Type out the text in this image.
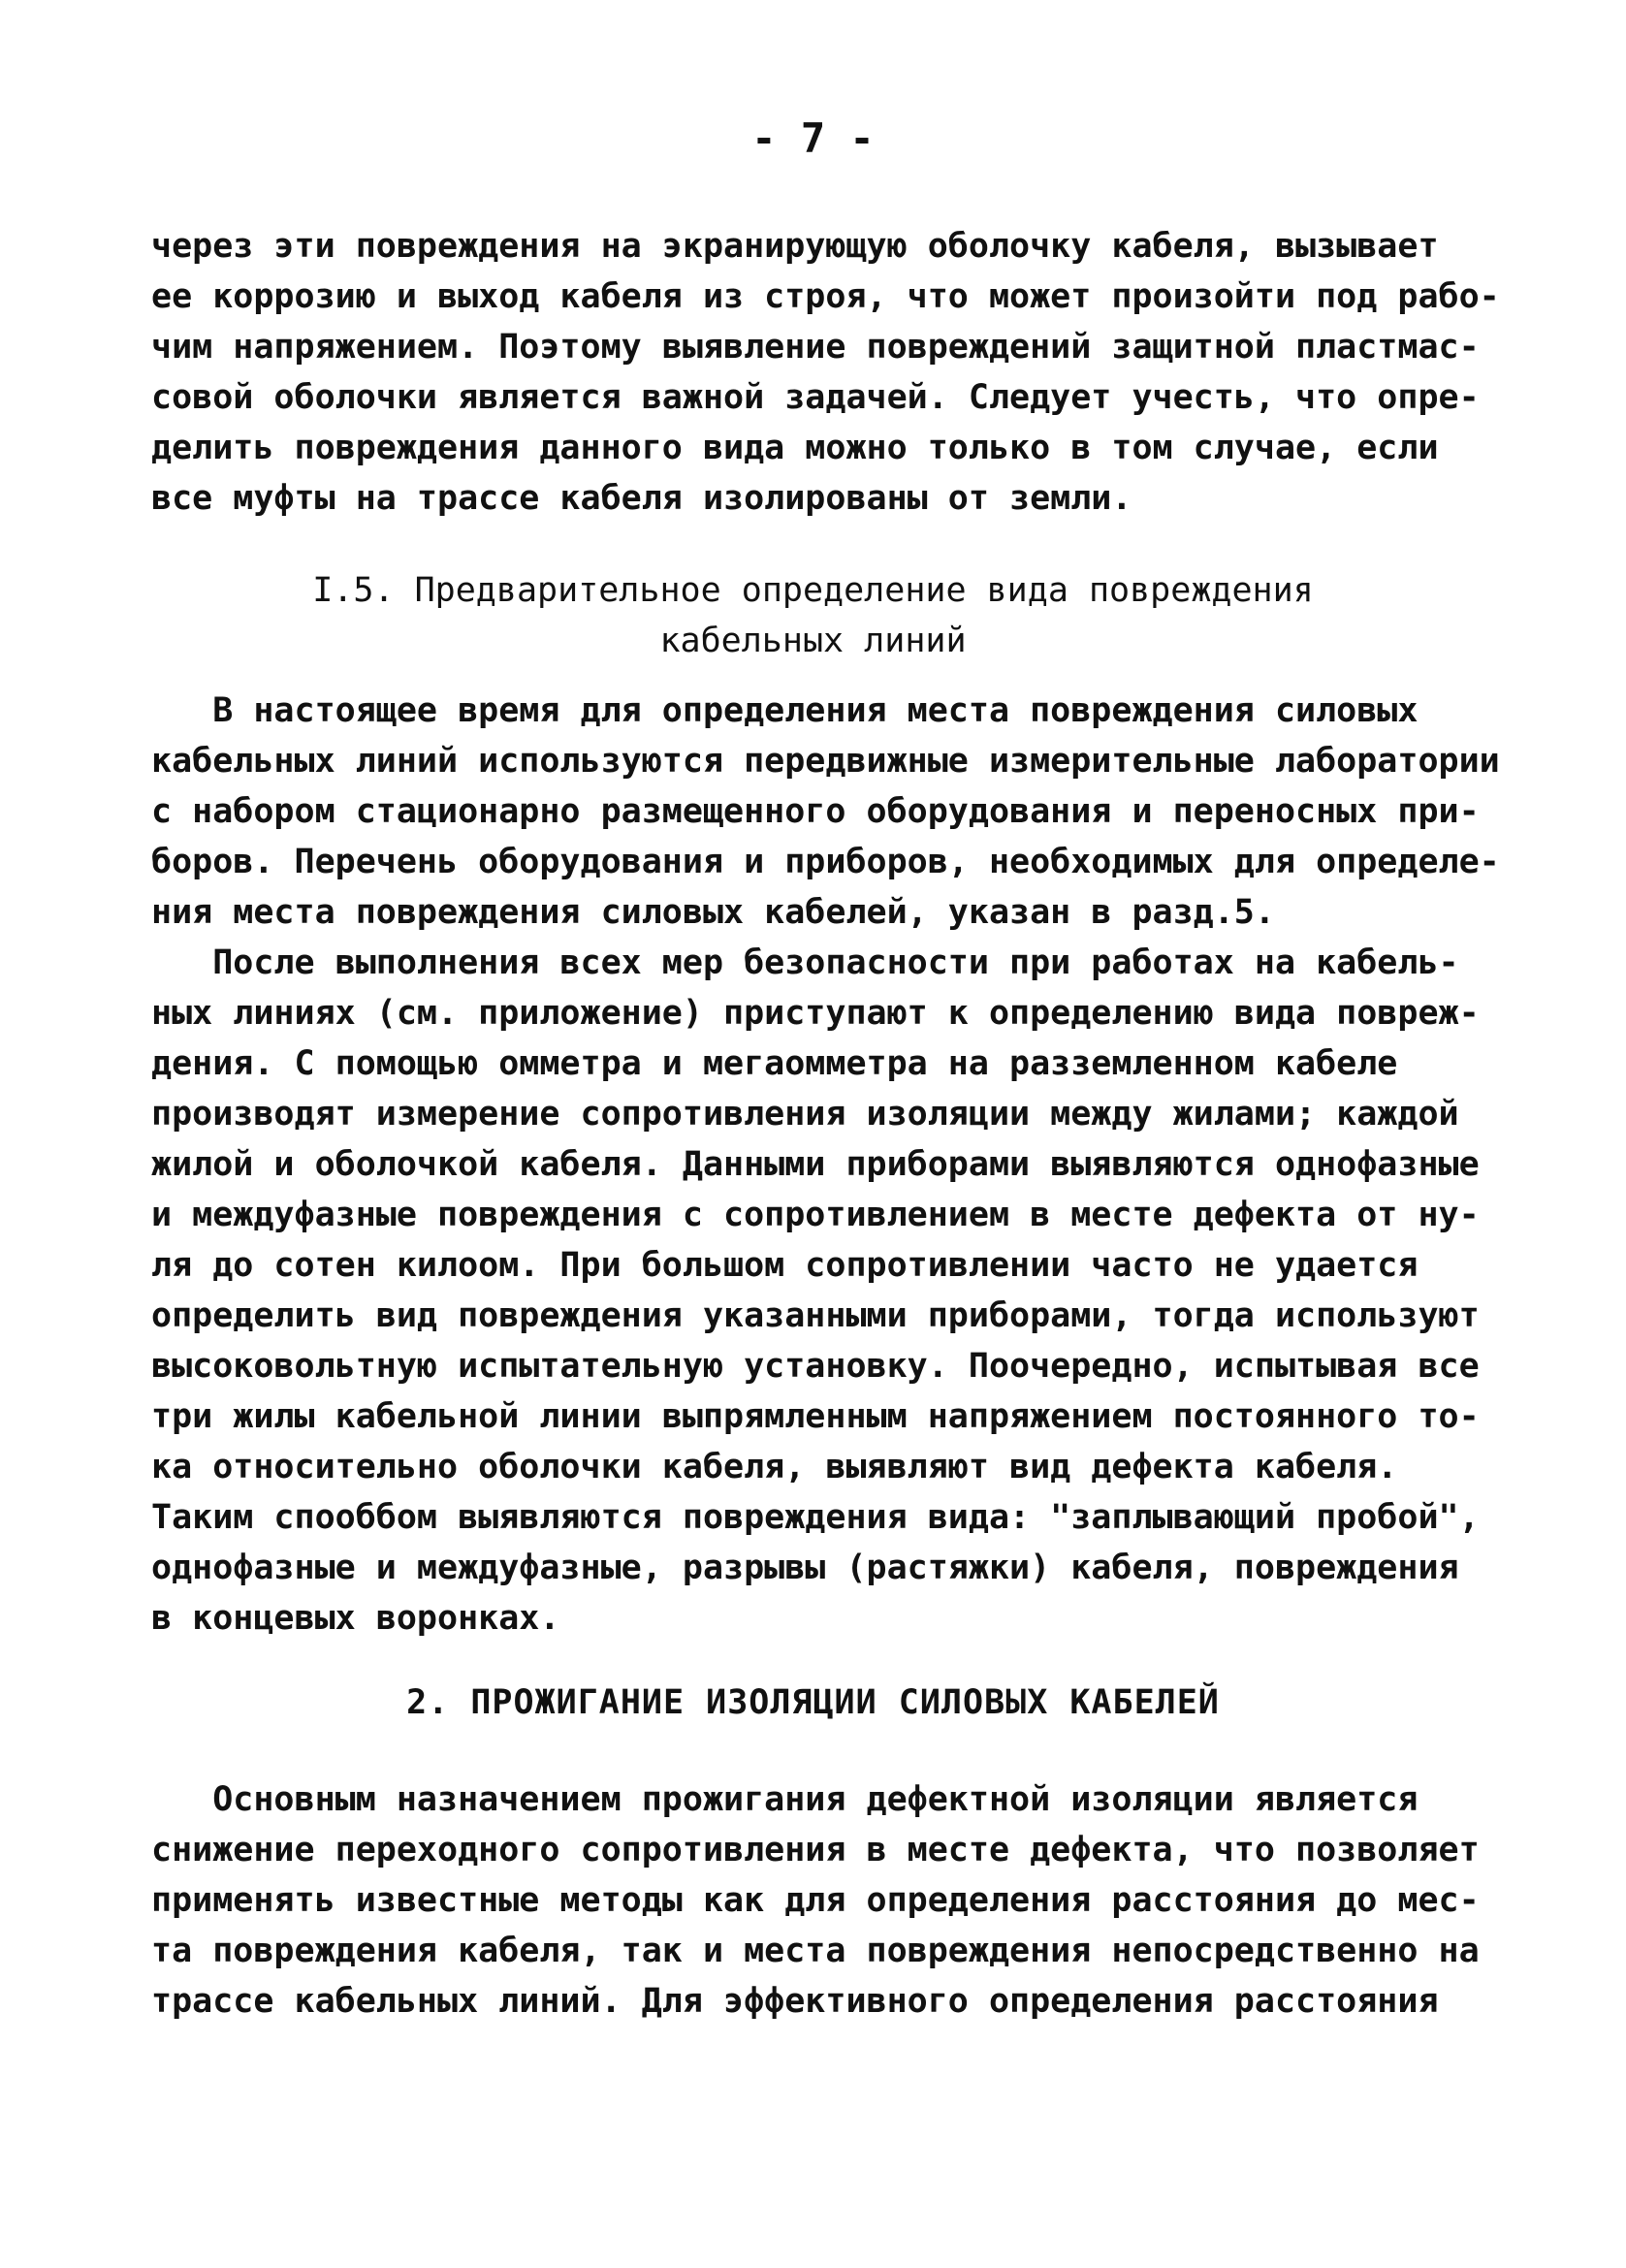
- 7 -
через эти повреждения на экранирующую оболочку кабеля, вызывает
ее коррозию и выход кабеля из строя, что может произойти под рабо-
чим напряжением. Поэтому выявление повреждений защитной пластмас-
совой оболочки является важной задачей. Следует учесть, что опре-
делить повреждения данного вида можно только в том случае, если
все муфты на трассе кабеля изолированы от земли.
I.5. Предварительное определение вида повреждения
кабельных линий
В настоящее время для определения места повреждения силовых
кабельных линий используются передвижные измерительные лаборатории
с набором стационарно размещенного оборудования и переносных при-
боров. Перечень оборудования и приборов, необходимых для определе-
ния места повреждения силовых кабелей, указан в разд.5.
После выполнения всех мер безопасности при работах на кабель-
ных линиях (см. приложение) приступают к определению вида повреж-
дения. С помощью омметра и мегаомметра на разземленном кабеле
производят измерение сопротивления изоляции между жилами; каждой
жилой и оболочкой кабеля. Данными приборами выявляются однофазные
и междуфазные повреждения с сопротивлением в месте дефекта от ну-
ля до сотен килоом. При большом сопротивлении часто не удается
определить вид повреждения указанными приборами, тогда используют
высоковольтную испытательную установку. Поочередно, испытывая все
три жилы кабельной линии выпрямленным напряжением постоянного то-
ка относительно оболочки кабеля, выявляют вид дефекта кабеля.
Таким спооббом выявляются повреждения вида: "заплывающий пробой",
однофазные и междуфазные, разрывы (растяжки) кабеля, повреждения
в концевых воронках.
2. ПРОЖИГАНИЕ ИЗОЛЯЦИИ СИЛОВЫХ КАБЕЛЕЙ
Основным назначением прожигания дефектной изоляции является
снижение переходного сопротивления в месте дефекта, что позволяет
применять известные методы как для определения расстояния до мес-
та повреждения кабеля, так и места повреждения непосредственно на
трассе кабельных линий. Для эффективного определения расстояния
